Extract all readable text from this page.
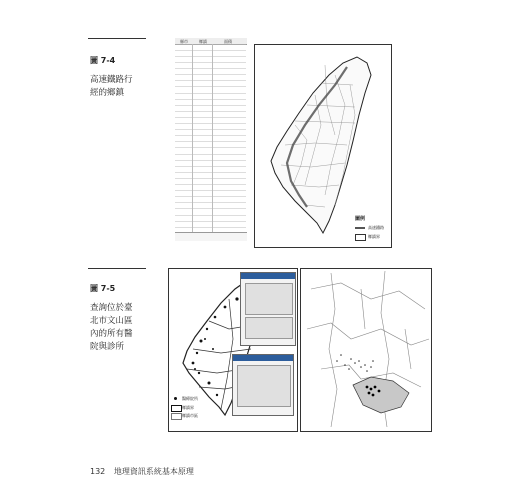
圖 7-4
高速鐵路行
經的鄉鎮
縣市	鄉鎮	面積
圖例
高速鐵路
鄉鎮界
圖 7-5
查詢位於臺
北市文山區
內的所有醫
院與診所
醫療院所
鄉鎮界
鄉鎮市區
132 地理資訊系統基本原理
